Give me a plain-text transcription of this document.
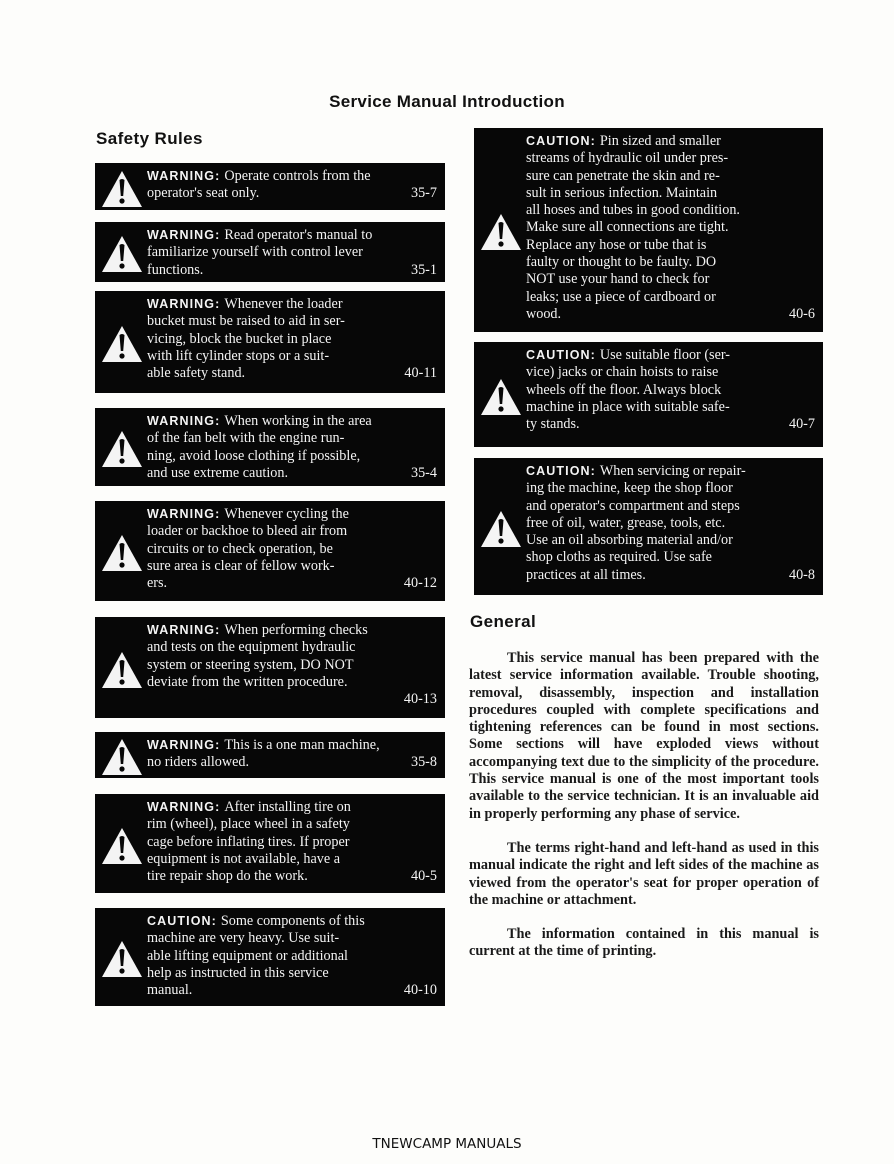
Service Manual Introduction
Safety Rules
General
WARNING: Operate controls from the
operator's seat only.	35-7
WARNING: Read operator's manual to
familiarize yourself with control lever
functions.	35-1
WARNING: Whenever the loader
bucket must be raised to aid in ser-
vicing, block the bucket in place
with lift cylinder stops or a suit-
able safety stand.	40-11
WARNING: When working in the area
of the fan belt with the engine run-
ning, avoid loose clothing if possible,
and use extreme caution.	35-4
WARNING: Whenever cycling the
loader or backhoe to bleed air from
circuits or to check operation, be
sure area is clear of fellow work-
ers.	40-12
WARNING: When performing checks
and tests on the equipment hydraulic
system or steering system, DO NOT
deviate from the written procedure.
40-13
WARNING: This is a one man machine,
no riders allowed.	35-8
WARNING: After installing tire on
rim (wheel), place wheel in a safety
cage before inflating tires. If proper
equipment is not available, have a
tire repair shop do the work.	40-5
CAUTION: Some components of this
machine are very heavy. Use suit-
able lifting equipment or additional
help as instructed in this service
manual.	40-10
CAUTION: Pin sized and smaller
streams of hydraulic oil under pres-
sure can penetrate the skin and re-
sult in serious infection. Maintain
all hoses and tubes in good condition.
Make sure all connections are tight.
Replace any hose or tube that is
faulty or thought to be faulty. DO
NOT use your hand to check for
leaks; use a piece of cardboard or
wood.	40-6
CAUTION: Use suitable floor (ser-
vice) jacks or chain hoists to raise
wheels off the floor. Always block
machine in place with suitable safe-
ty stands.	40-7
CAUTION: When servicing or repair-
ing the machine, keep the shop floor
and operator's compartment and steps
free of oil, water, grease, tools, etc.
Use an oil absorbing material and/or
shop cloths as required. Use safe
practices at all times.	40-8

This service manual has been prepared with the latest service information available. Trouble shooting, removal, disassembly, inspection and installation procedures coupled with complete specifications and tightening references can be found in most sections. Some sections will have exploded views without accompanying text due to the simplicity of the procedure. This service manual is one of the most important tools available to the service technician. It is an invaluable aid in properly performing any phase of service.

The terms right-hand and left-hand as used in this manual indicate the right and left sides of the machine as viewed from the operator's seat for proper operation of the machine or attachment.

The information contained in this manual is current at the time of printing.

TNEWCAMP MANUALS
